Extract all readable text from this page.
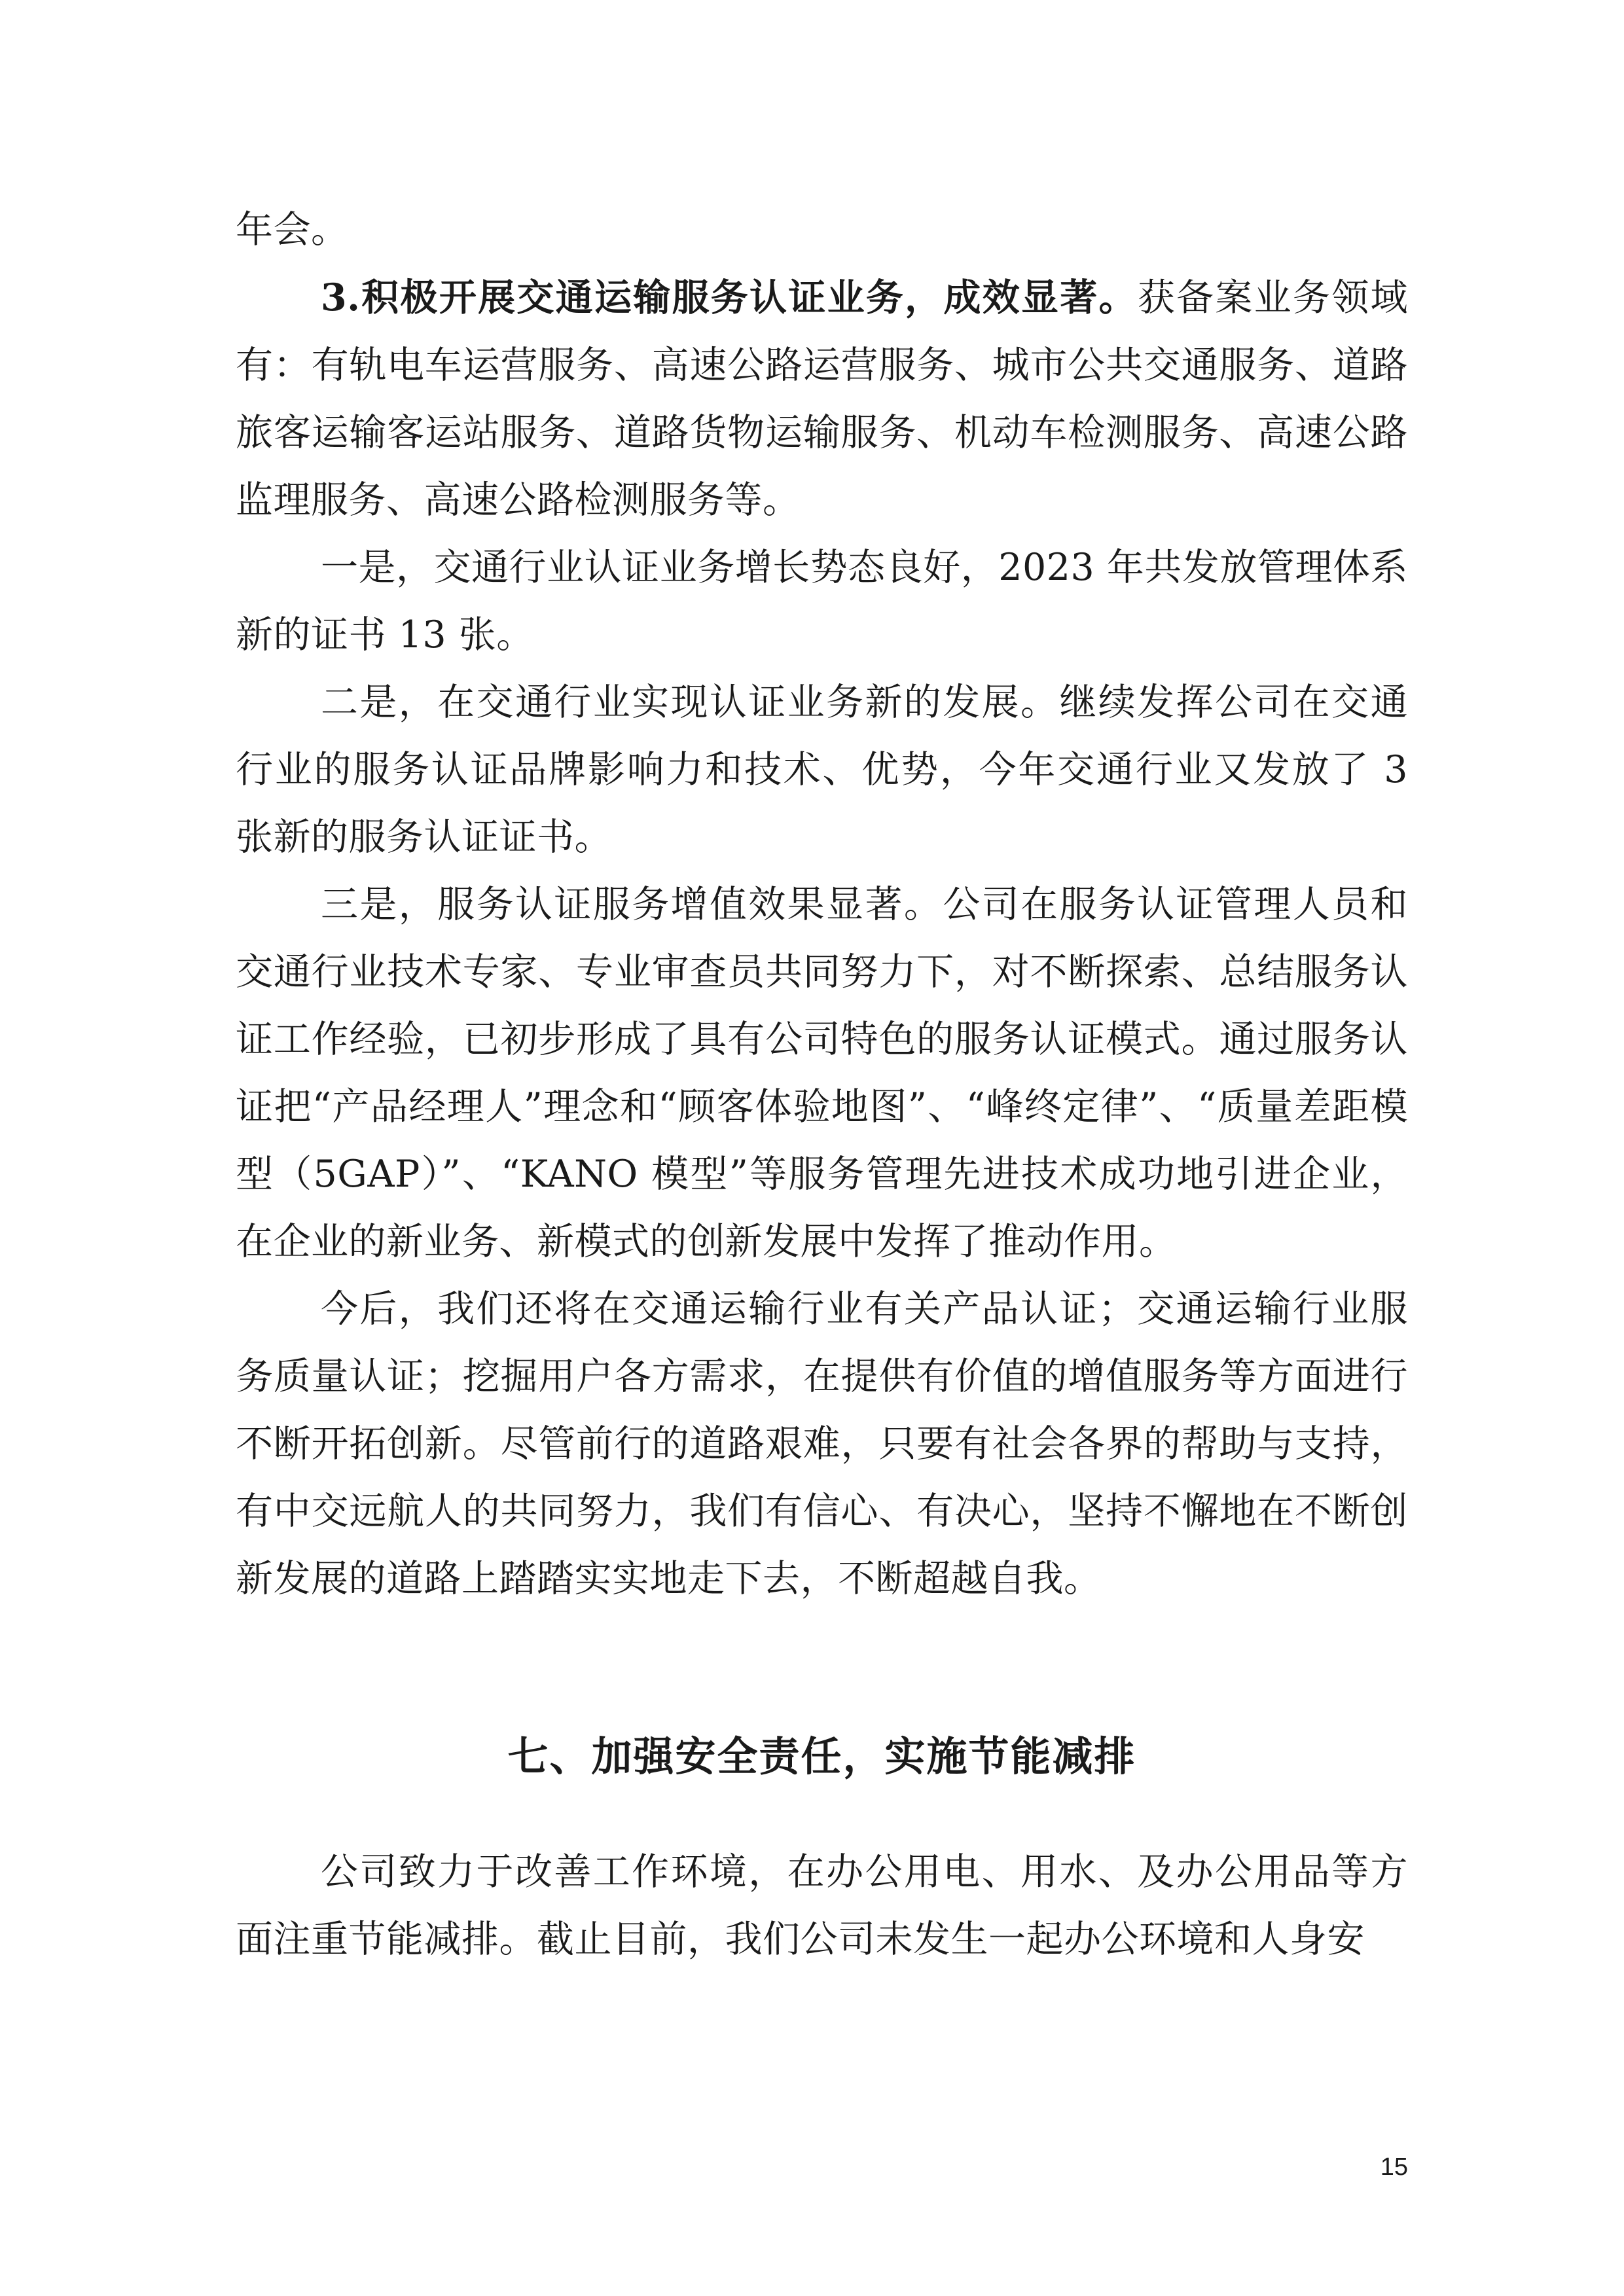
年会。

3.积极开展交通运输服务认证业务，成效显著。获备案业务领域有：有轨电车运营服务、高速公路运营服务、城市公共交通服务、道路旅客运输客运站服务、道路货物运输服务、机动车检测服务、高速公路监理服务、高速公路检测服务等。

一是，交通行业认证业务增长势态良好，2023 年共发放管理体系新的证书 13 张。

二是，在交通行业实现认证业务新的发展。继续发挥公司在交通行业的服务认证品牌影响力和技术、优势，今年交通行业又发放了 3 张新的服务认证证书。

三是，服务认证服务增值效果显著。公司在服务认证管理人员和交通行业技术专家、专业审查员共同努力下，对不断探索、总结服务认证工作经验，已初步形成了具有公司特色的服务认证模式。通过服务认证把“产品经理人”理念和“顾客体验地图”、“峰终定律”、“质量差距模型（5GAP）”、“KANO 模型”等服务管理先进技术成功地引进企业，在企业的新业务、新模式的创新发展中发挥了推动作用。

今后，我们还将在交通运输行业有关产品认证；交通运输行业服务质量认证；挖掘用户各方需求，在提供有价值的增值服务等方面进行不断开拓创新。尽管前行的道路艰难，只要有社会各界的帮助与支持，有中交远航人的共同努力，我们有信心、有决心，坚持不懈地在不断创新发展的道路上踏踏实实地走下去，不断超越自我。

七、加强安全责任，实施节能减排

公司致力于改善工作环境，在办公用电、用水、及办公用品等方面注重节能减排。截止目前，我们公司未发生一起办公环境和人身安

15
